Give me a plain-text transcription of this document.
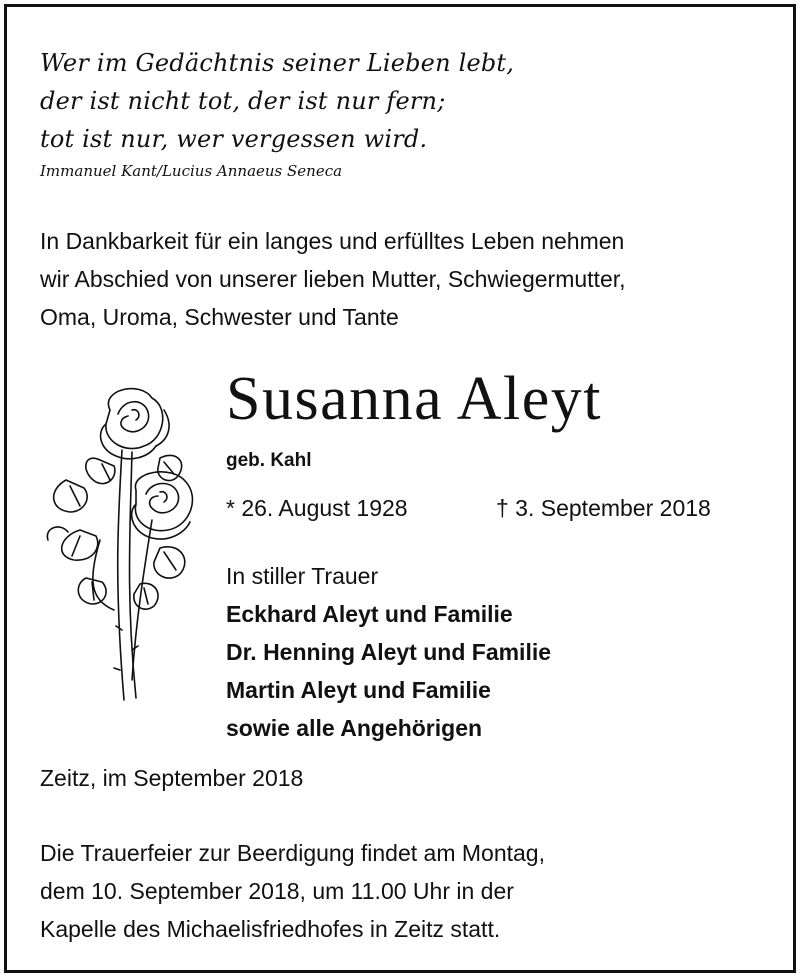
Wer im Gedächtnis seiner Lieben lebt,
der ist nicht tot, der ist nur fern;
tot ist nur, wer vergessen wird.
Immanuel Kant/Lucius Annaeus Seneca
In Dankbarkeit für ein langes und erfülltes Leben nehmen
wir Abschied von unserer lieben Mutter, Schwiegermutter,
Oma, Uroma, Schwester und Tante
Susanna Aleyt
geb. Kahl
* 26. August 1928	† 3. September 2018
In stiller Trauer
Eckhard Aleyt und Familie
Dr. Henning Aleyt und Familie
Martin Aleyt und Familie
sowie alle Angehörigen
Zeitz, im September 2018
Die Trauerfeier zur Beerdigung findet am Montag,
dem 10. September 2018, um 11.00 Uhr in der
Kapelle des Michaelisfriedhofes in Zeitz statt.
